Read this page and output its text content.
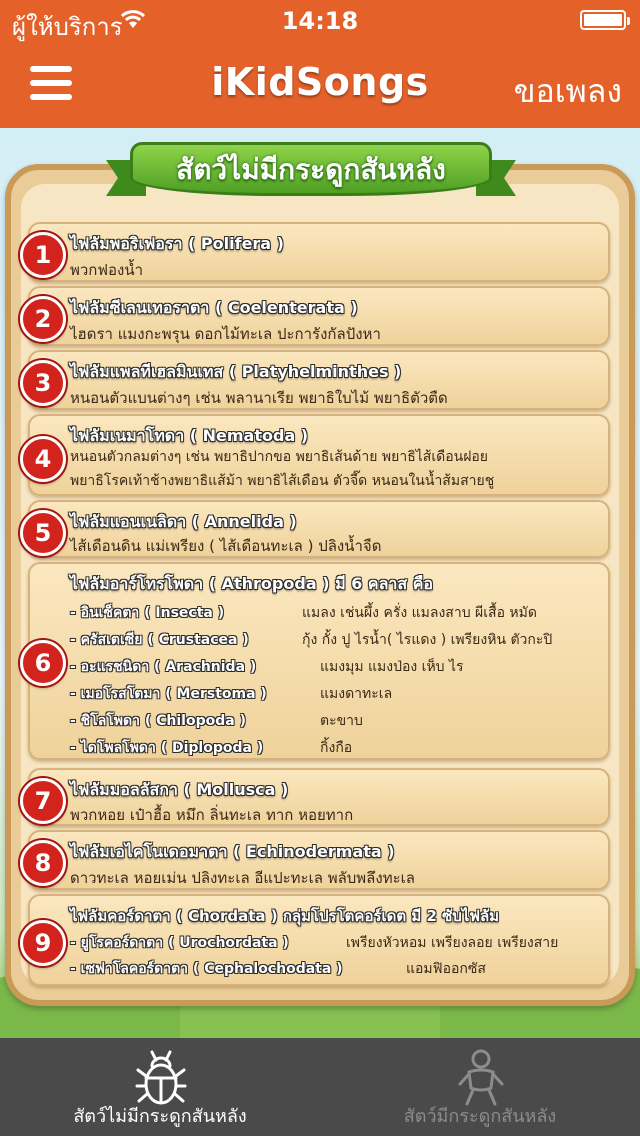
ผู้ให้บริการ	14:18
iKidSongs	ขอเพลง
สัตว์ไม่มีกระดูกสันหลัง
1	ไฟลัมพอริเฟอรา ( Polifera )
พวกฟองน้ำ
2	ไฟลัมซีเลนเทอราตา ( Coelenterata )
ไฮดรา แมงกะพรุน ดอกไม้ทะเล ปะการังกัลปังหา
3	ไฟลัมแพลทีเฮลมินเทส ( Platyhelminthes )
หนอนตัวแบนต่างๆ เช่น พลานาเรีย พยาธิใบไม้ พยาธิตัวตืด
4
ไฟลัมเนมาโทดา ( Nematoda )
หนอนตัวกลมต่างๆ เช่น พยาธิปากขอ พยาธิเส้นด้าย พยาธิไส้เดือนฝอย
พยาธิโรคเท้าช้างพยาธิแส้ม้า พยาธิไส้เดือน ตัวจี๊ด หนอนในน้ำส้มสายชู
5	ไฟลัมแอนเนลิดา ( Annelida )
ไส้เดือนดิน แม่เพรียง ( ไส้เดือนทะเล ) ปลิงน้ำจืด
6
ไฟลัมอาร์โทรโพดา ( Athropoda ) มี 6 คลาส คือ
- อินเซ็คตา ( Insecta )	แมลง เช่นผึ้ง ครั่ง แมลงสาบ ผีเสื้อ หมัด
- ครัสเตเซีย ( Crustacea )	กุ้ง กั้ง ปู ไรน้ำ( ไรแดง ) เพรียงหิน ตัวกะปิ
- อะแรชนิดา ( Arachnida )	แมงมุม แมงป่อง เห็บ ไร
- เมอโรสโตมา ( Merstoma )	แมงดาทะเล
- ชิโลโพดา ( Chilopoda )	ตะขาบ
- ไดโพลโพดา ( Diplopoda )	กิ้งกือ
7	ไฟลัมมอลลัสกา ( Mollusca )
พวกหอย เป๋าฮื้อ หมึก ลิ่นทะเล ทาก หอยทาก
8	ไฟลัมเอไคโนเดอมาตา ( Echinodermata )
ดาวทะเล หอยเม่น ปลิงทะเล อีแปะทะเล พลับพลึงทะเล
9
ไฟลัมคอร์ดาตา ( Chordata ) กลุ่มโปรโตคอร์เดต มี 2 ซับไฟลัม
- ยูโรคอร์ดาตา ( Urochordata )	เพรียงหัวหอม เพรียงลอย เพรียงสาย
- เซฟาโลคอร์ดาตา ( Cephalochodata )	แอมฟิออกซัส
สัตว์ไม่มีกระดูกสันหลัง	สัตว์มีกระดูกสันหลัง
